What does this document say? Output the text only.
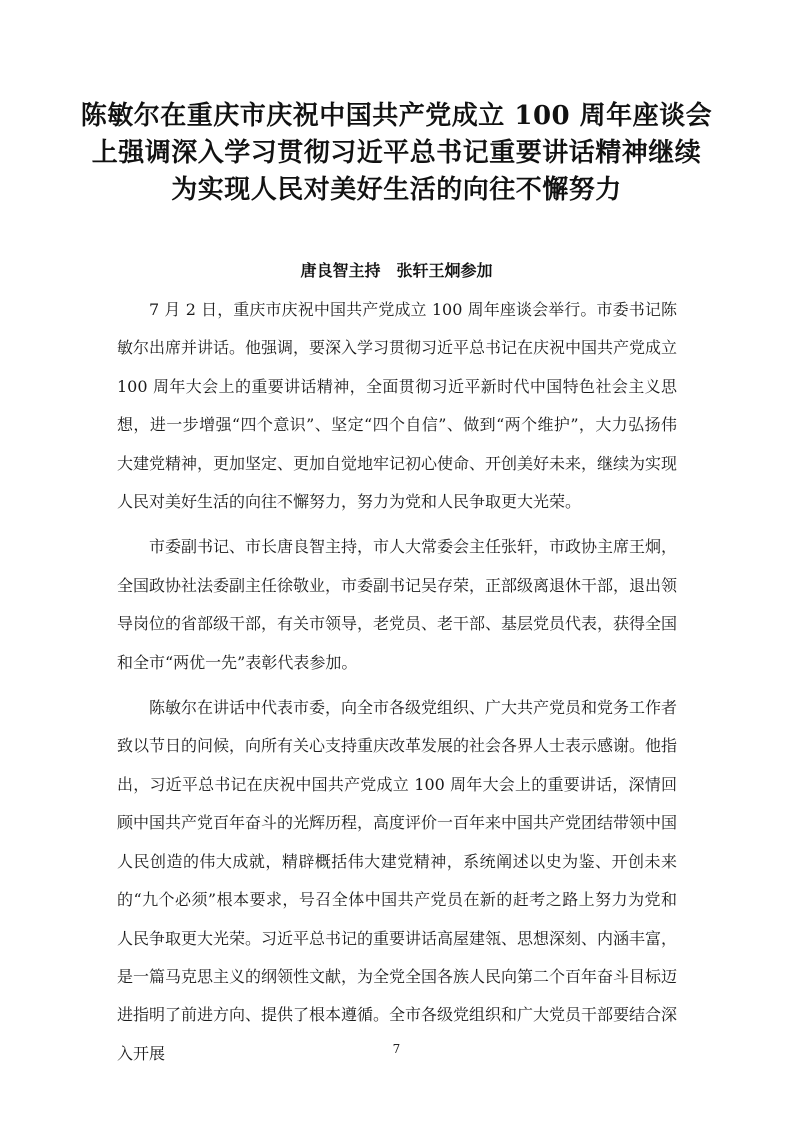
陈敏尔在重庆市庆祝中国共产党成立 100 周年座谈会
上强调深入学习贯彻习近平总书记重要讲话精神继续
为实现人民对美好生活的向往不懈努力
唐良智主持 张轩王炯参加

7 月 2 日，重庆市庆祝中国共产党成立 100 周年座谈会举行。市委书记陈敏尔出席并讲话。他强调，要深入学习贯彻习近平总书记在庆祝中国共产党成立 100 周年大会上的重要讲话精神，全面贯彻习近平新时代中国特色社会主义思想，进一步增强“四个意识”、坚定“四个自信”、做到“两个维护”，大力弘扬伟大建党精神，更加坚定、更加自觉地牢记初心使命、开创美好未来，继续为实现人民对美好生活的向往不懈努力，努力为党和人民争取更大光荣。

市委副书记、市长唐良智主持，市人大常委会主任张轩，市政协主席王炯，全国政协社法委副主任徐敬业，市委副书记吴存荣，正部级离退休干部，退出领导岗位的省部级干部，有关市领导，老党员、老干部、基层党员代表，获得全国和全市“两优一先”表彰代表参加。

陈敏尔在讲话中代表市委，向全市各级党组织、广大共产党员和党务工作者致以节日的问候，向所有关心支持重庆改革发展的社会各界人士表示感谢。他指出，习近平总书记在庆祝中国共产党成立 100 周年大会上的重要讲话，深情回顾中国共产党百年奋斗的光辉历程，高度评价一百年来中国共产党团结带领中国人民创造的伟大成就，精辟概括伟大建党精神，系统阐述以史为鉴、开创未来的“九个必须”根本要求，号召全体中国共产党员在新的赶考之路上努力为党和人民争取更大光荣。习近平总书记的重要讲话高屋建瓴、思想深刻、内涵丰富，是一篇马克思主义的纲领性文献，为全党全国各族人民向第二个百年奋斗目标迈进指明了前进方向、提供了根本遵循。全市各级党组织和广大党员干部要结合深入开展	7
